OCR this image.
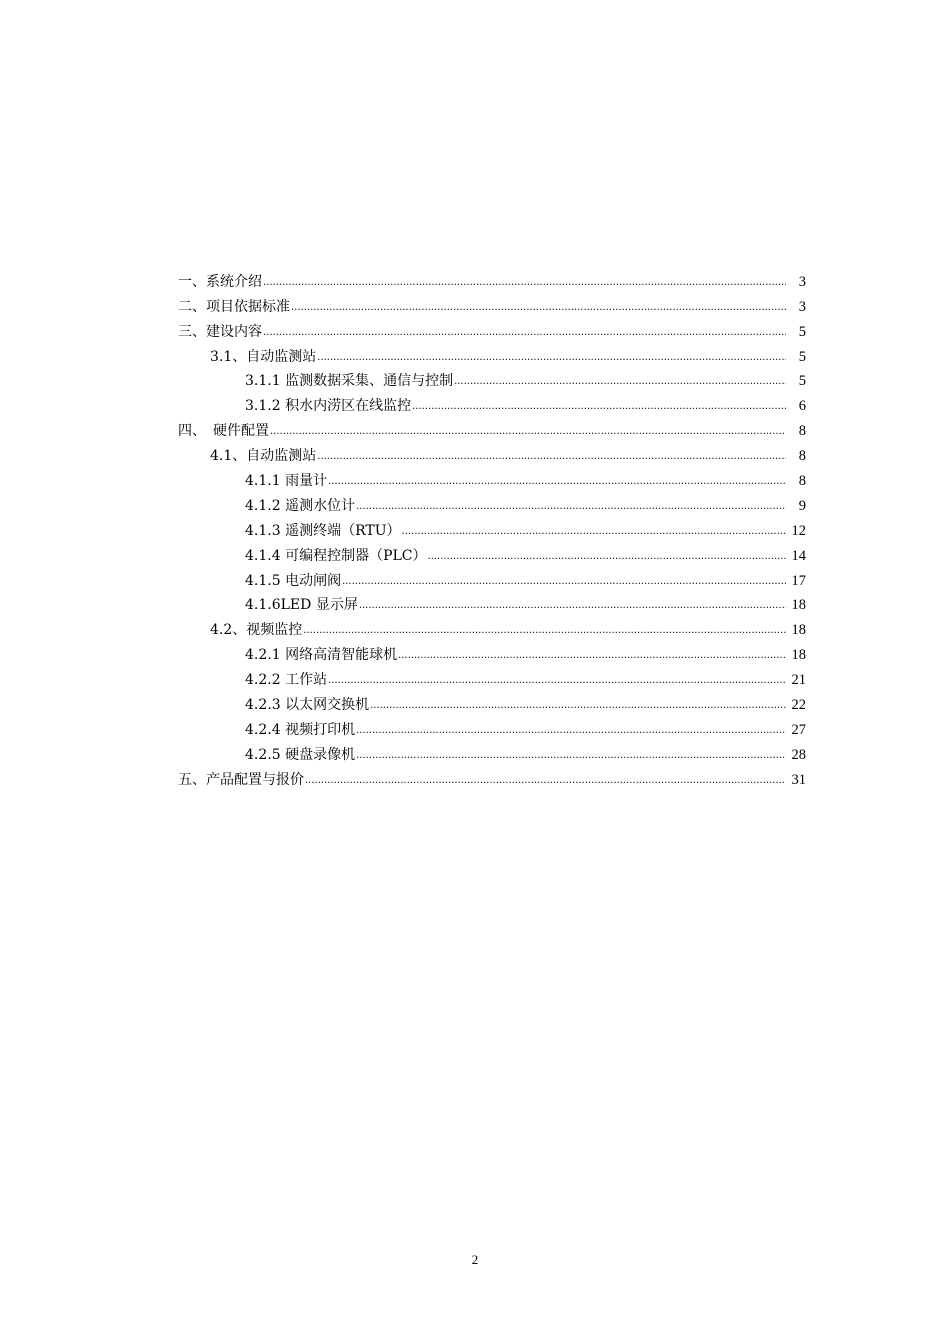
一、系统介绍 .....	3
二、项目依据标准 .....	3
三、建设内容 .....	5
3.1、自动监测站 .....	5
3.1.1 监测数据采集、通信与控制 .....	5
3.1.2 积水内涝区在线监控 .....	6
四、　硬件配置 .....	8
4.1、自动监测站 .....	8
4.1.1 雨量计 .....	8
4.1.2 遥测水位计 .....	9
4.1.3 遥测终端（RTU） .....	12
4.1.4 可编程控制器（PLC） .....	14
4.1.5 电动闸阀 .....	17
4.1.6LED 显示屏 .....	18
4.2、视频监控 .....	18
4.2.1 网络高清智能球机 .....	18
4.2.2 工作站 .....	21
4.2.3 以太网交换机 .....	22
4.2.4 视频打印机 .....	27
4.2.5 硬盘录像机 .....	28
五、产品配置与报价 .....	31
2
